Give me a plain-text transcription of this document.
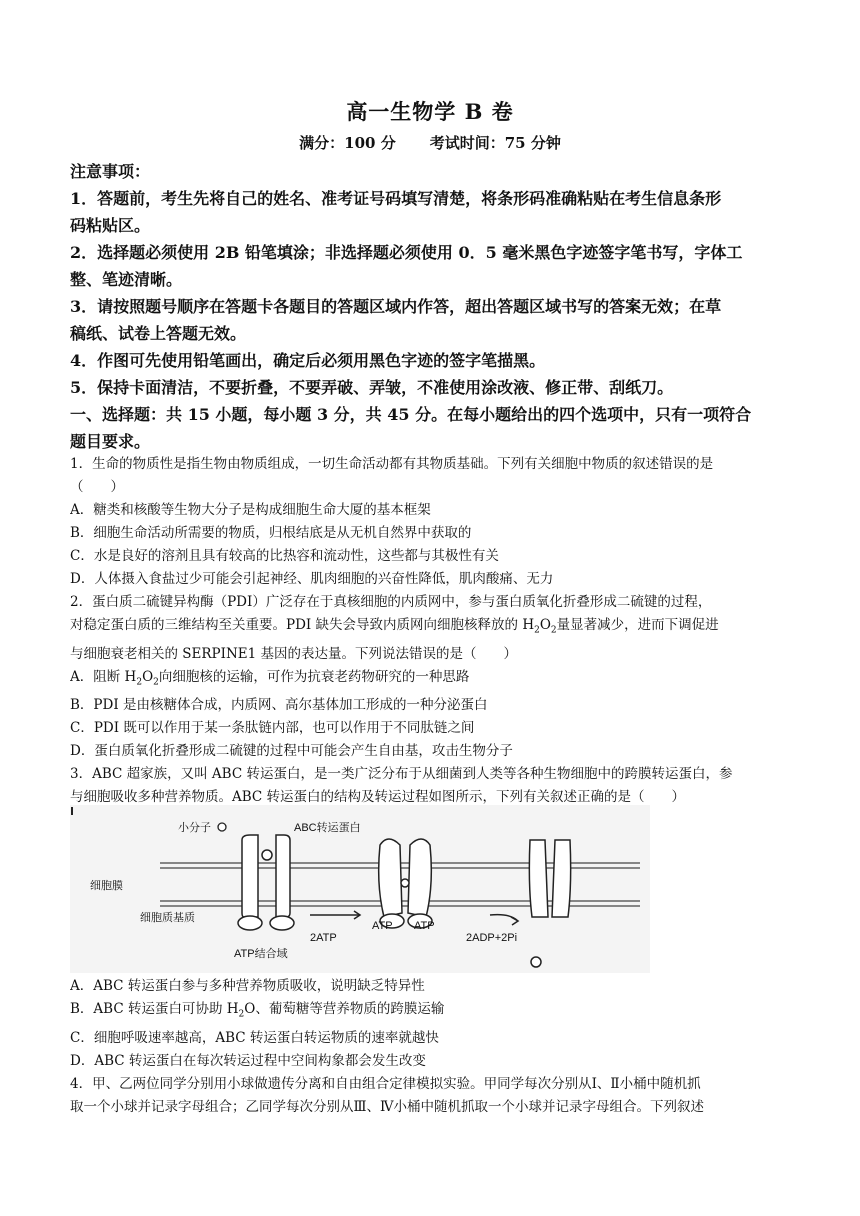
高一生物学 B 卷
满分：100 分 考试时间：75 分钟
注意事项：
1．答题前，考生先将自己的姓名、准考证号码填写清楚，将条形码准确粘贴在考生信息条形
码粘贴区。
2．选择题必须使用 2B 铅笔填涂；非选择题必须使用 0．5 毫米黑色字迹签字笔书写，字体工
整、笔迹清晰。
3．请按照题号顺序在答题卡各题目的答题区域内作答，超出答题区域书写的答案无效；在草
稿纸、试卷上答题无效。
4．作图可先使用铅笔画出，确定后必须用黑色字迹的签字笔描黑。
5．保持卡面清洁，不要折叠，不要弄破、弄皱，不准使用涂改液、修正带、刮纸刀。
一、选择题：共 15 小题，每小题 3 分，共 45 分。在每小题给出的四个选项中，只有一项符合
题目要求。
1．生命的物质性是指生物由物质组成，一切生命活动都有其物质基础。下列有关细胞中物质的叙述错误的是
（　　）
A．糖类和核酸等生物大分子是构成细胞生命大厦的基本框架
B．细胞生命活动所需要的物质，归根结底是从无机自然界中获取的
C．水是良好的溶剂且具有较高的比热容和流动性，这些都与其极性有关
D．人体摄入食盐过少可能会引起神经、肌肉细胞的兴奋性降低，肌肉酸痛、无力
2．蛋白质二硫键异构酶（PDI）广泛存在于真核细胞的内质网中，参与蛋白质氧化折叠形成二硫键的过程，
对稳定蛋白质的三维结构至关重要。PDI 缺失会导致内质网向细胞核释放的 $H_2O_2$量显著减少，进而下调促进
与细胞衰老相关的 SERPINE1 基因的表达量。下列说法错误的是（　　）
A．阻断 $H_2O_2$向细胞核的运输，可作为抗衰老药物研究的一种思路
B．PDI 是由核糖体合成，内质网、高尔基体加工形成的一种分泌蛋白
C．PDI 既可以作用于某一条肽链内部，也可以作用于不同肽链之间
D．蛋白质氧化折叠形成二硫键的过程中可能会产生自由基，攻击生物分子
3．ABC 超家族，又叫 ABC 转运蛋白，是一类广泛分布于从细菌到人类等各种生物细胞中的跨膜转运蛋白，参
与细胞吸收多种营养物质。ABC 转运蛋白的结构及转运过程如图所示，下列有关叙述正确的是（　　）
小分子	ABC转运蛋白
细胞膜
细胞质基质
ATP结合域
2ATP
ATP ATP
2ADP+2Pi
A．ABC 转运蛋白参与多种营养物质吸收，说明缺乏特异性
B．ABC 转运蛋白可协助 $H_2O$、葡萄糖等营养物质的跨膜运输
C．细胞呼吸速率越高，ABC 转运蛋白转运物质的速率就越快
D．ABC 转运蛋白在每次转运过程中空间构象都会发生改变
4．甲、乙两位同学分别用小球做遗传分离和自由组合定律模拟实验。甲同学每次分别从Ⅰ、Ⅱ小桶中随机抓
取一个小球并记录字母组合；乙同学每次分别从Ⅲ、Ⅳ小桶中随机抓取一个小球并记录字母组合。下列叙述
